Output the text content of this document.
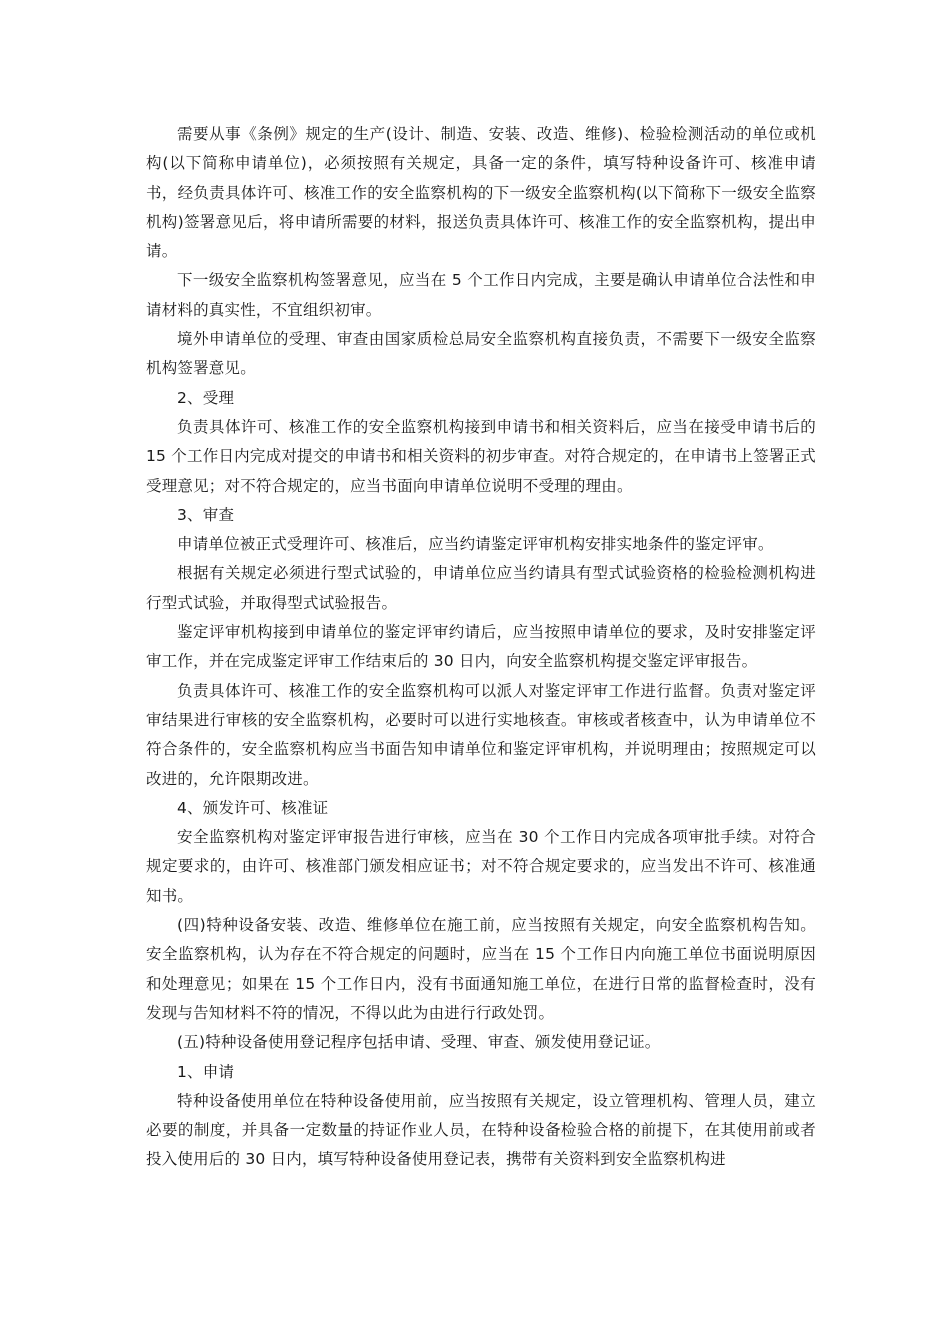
需要从事《条例》规定的生产(设计、制造、安装、改造、维修)、检验检测活动的单位或机构(以下简称申请单位)，必须按照有关规定，具备一定的条件，填写特种设备许可、核准申请书，经负责具体许可、核准工作的安全监察机构的下一级安全监察机构(以下简称下一级安全监察机构)签署意见后，将申请所需要的材料，报送负责具体许可、核准工作的安全监察机构，提出申请。

下一级安全监察机构签署意见，应当在 5 个工作日内完成，主要是确认申请单位合法性和申请材料的真实性，不宜组织初审。

境外申请单位的受理、审查由国家质检总局安全监察机构直接负责，不需要下一级安全监察机构签署意见。

2、受理

负责具体许可、核准工作的安全监察机构接到申请书和相关资料后，应当在接受申请书后的 15 个工作日内完成对提交的申请书和相关资料的初步审查。对符合规定的，在申请书上签署正式受理意见；对不符合规定的，应当书面向申请单位说明不受理的理由。

3、审查

申请单位被正式受理许可、核准后，应当约请鉴定评审机构安排实地条件的鉴定评审。

根据有关规定必须进行型式试验的，申请单位应当约请具有型式试验资格的检验检测机构进行型式试验，并取得型式试验报告。

鉴定评审机构接到申请单位的鉴定评审约请后，应当按照申请单位的要求，及时安排鉴定评审工作，并在完成鉴定评审工作结束后的 30 日内，向安全监察机构提交鉴定评审报告。

负责具体许可、核准工作的安全监察机构可以派人对鉴定评审工作进行监督。负责对鉴定评审结果进行审核的安全监察机构，必要时可以进行实地核查。审核或者核查中，认为申请单位不符合条件的，安全监察机构应当书面告知申请单位和鉴定评审机构，并说明理由；按照规定可以改进的，允许限期改进。

4、颁发许可、核准证

安全监察机构对鉴定评审报告进行审核，应当在 30 个工作日内完成各项审批手续。对符合规定要求的，由许可、核准部门颁发相应证书；对不符合规定要求的，应当发出不许可、核准通知书。

(四)特种设备安装、改造、维修单位在施工前，应当按照有关规定，向安全监察机构告知。安全监察机构，认为存在不符合规定的问题时，应当在 15 个工作日内向施工单位书面说明原因和处理意见；如果在 15 个工作日内，没有书面通知施工单位，在进行日常的监督检查时，没有发现与告知材料不符的情况，不得以此为由进行行政处罚。

(五)特种设备使用登记程序包括申请、受理、审查、颁发使用登记证。

1、申请

特种设备使用单位在特种设备使用前，应当按照有关规定，设立管理机构、管理人员，建立必要的制度，并具备一定数量的持证作业人员，在特种设备检验合格的前提下，在其使用前或者投入使用后的 30 日内，填写特种设备使用登记表，携带有关资料到安全监察机构进
